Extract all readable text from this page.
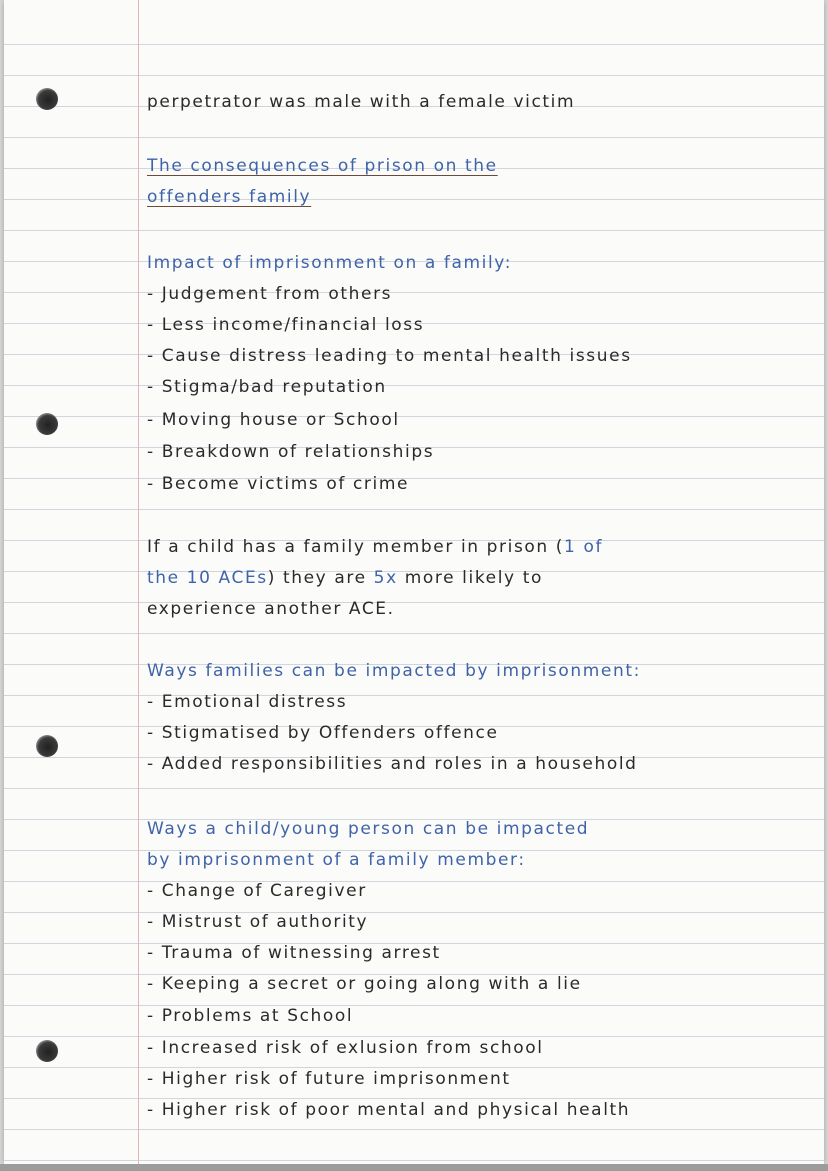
perpetrator was male with a female victim
The consequences of prison on the
offenders family
Impact of imprisonment on a family:
- Judgement from others
- Less income/financial loss
- Cause distress leading to mental health issues
- Stigma/bad reputation
- Moving house or School
- Breakdown of relationships
- Become victims of crime
If a child has a family member in prison (1 of
the 10 ACEs) they are 5x more likely to
experience another ACE.
Ways families can be impacted by imprisonment:
- Emotional distress
- Stigmatised by Offenders offence
- Added responsibilities and roles in a household
Ways a child/young person can be impacted
by imprisonment of a family member:
- Change of Caregiver
- Mistrust of authority
- Trauma of witnessing arrest
- Keeping a secret or going along with a lie
- Problems at School
- Increased risk of exlusion from school
- Higher risk of future imprisonment
- Higher risk of poor mental and physical health
